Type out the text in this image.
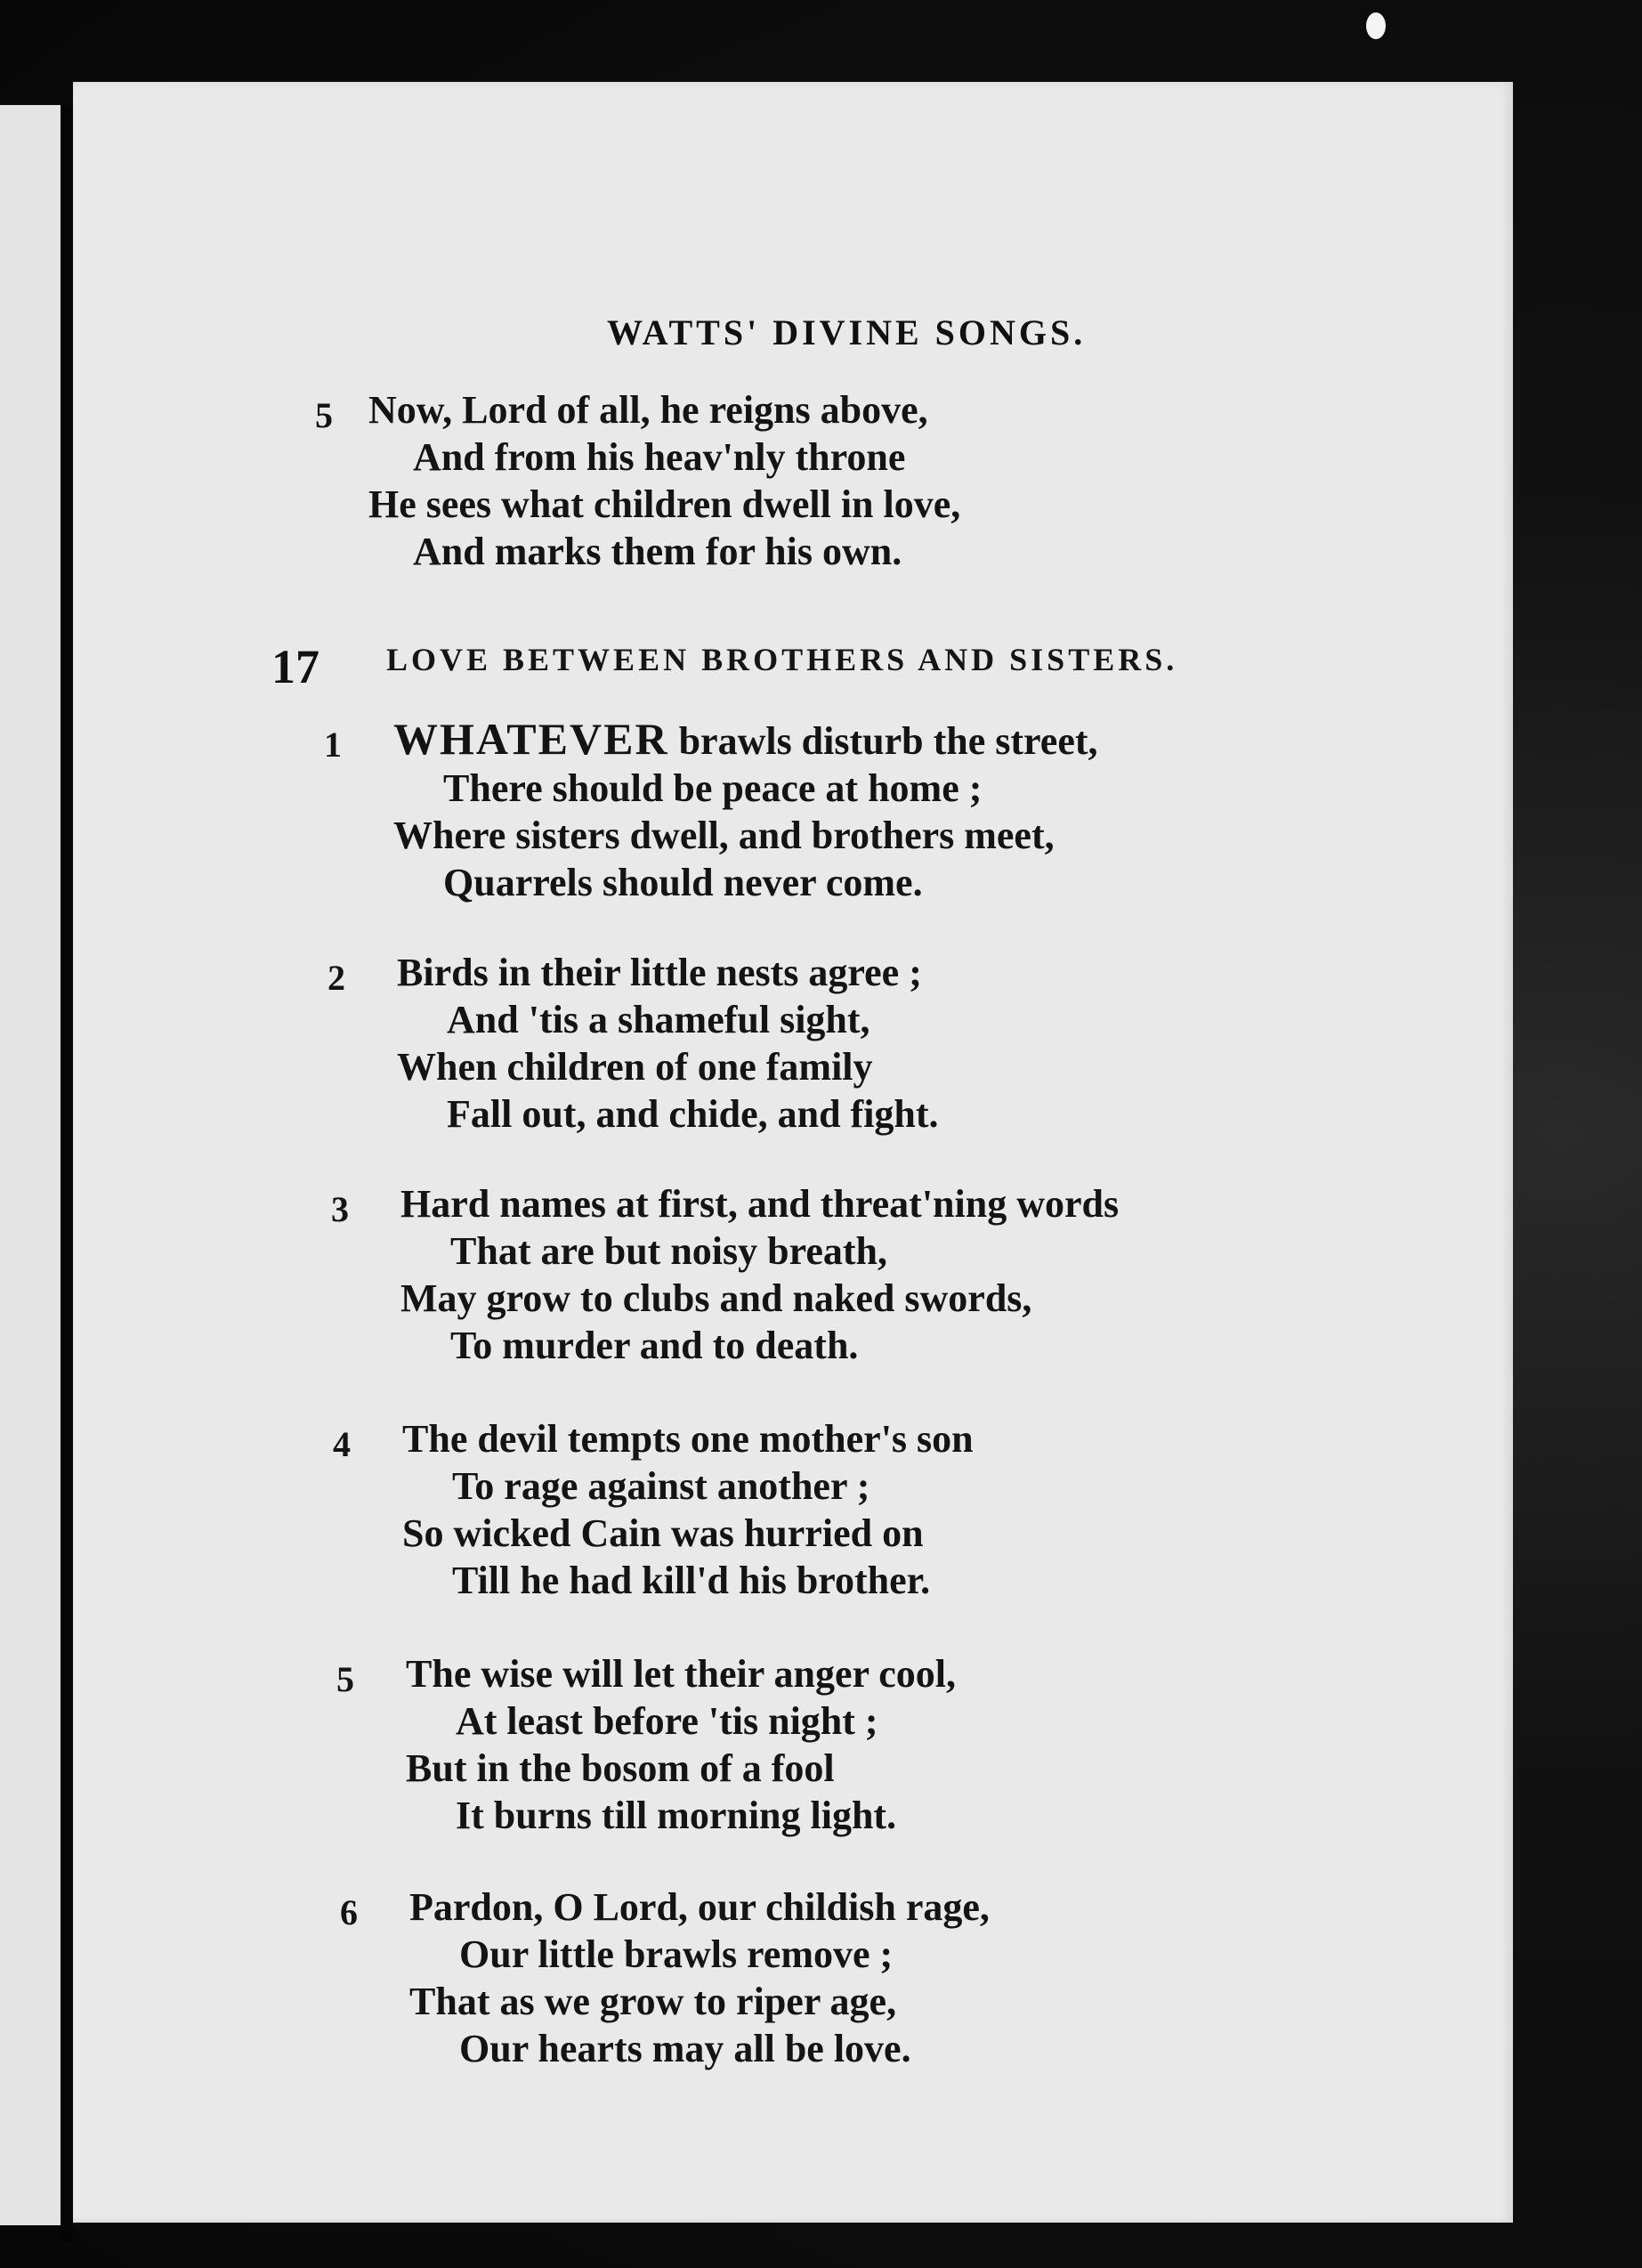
WATTS' DIVINE SONGS.
5 Now, Lord of all, he reigns above,
And from his heav'nly throne
He sees what children dwell in love,
And marks them for his own.
17 LOVE BETWEEN BROTHERS AND SISTERS.
1 WHATEVER brawls disturb the street,
There should be peace at home ;
Where sisters dwell, and brothers meet,
Quarrels should never come.
2 Birds in their little nests agree ;
And 'tis a shameful sight,
When children of one family
Fall out, and chide, and fight.
3 Hard names at first, and threat'ning words
That are but noisy breath,
May grow to clubs and naked swords,
To murder and to death.
4 The devil tempts one mother's son
To rage against another ;
So wicked Cain was hurried on
Till he had kill'd his brother.
5 The wise will let their anger cool,
At least before 'tis night ;
But in the bosom of a fool
It burns till morning light.
6 Pardon, O Lord, our childish rage,
Our little brawls remove ;
That as we grow to riper age,
Our hearts may all be love.
